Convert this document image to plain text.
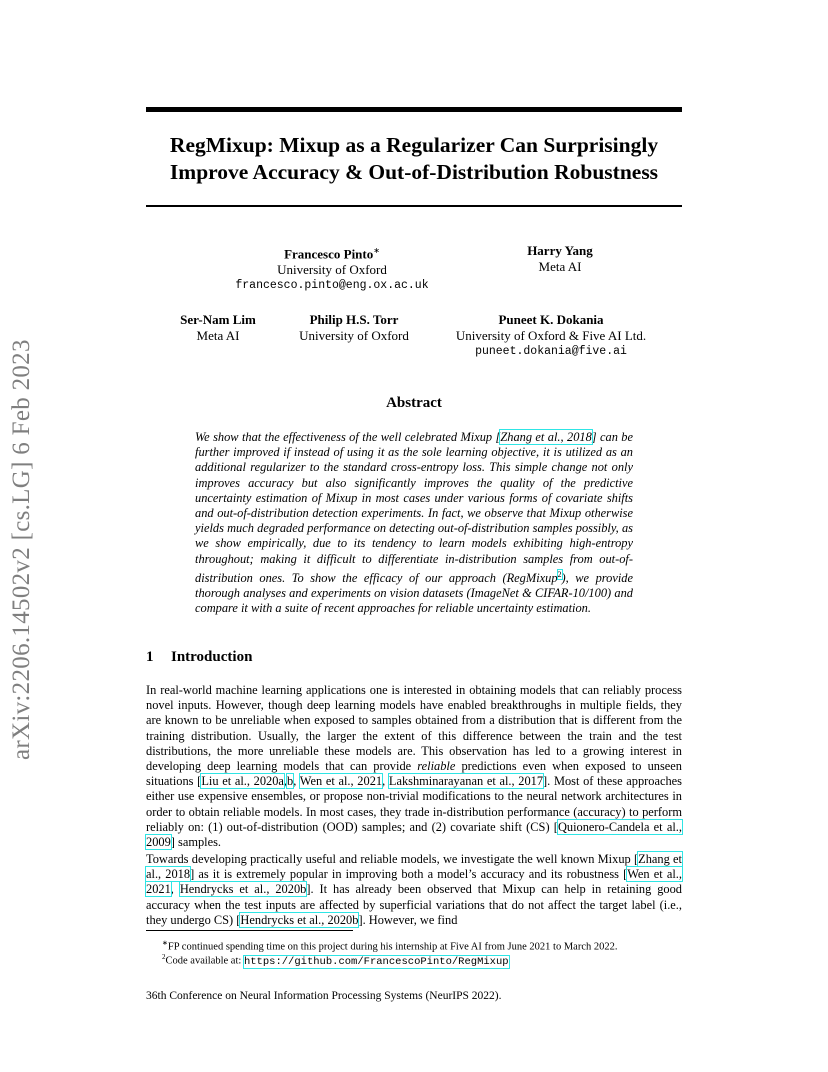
arXiv:2206.14502v2 [cs.LG] 6 Feb 2023
RegMixup: Mixup as a Regularizer Can Surprisingly
Improve Accuracy & Out-of-Distribution Robustness
Francesco Pinto∗
University of Oxford
francesco.pinto@eng.ox.ac.uk
Harry Yang
Meta AI
Ser-Nam Lim
Meta AI
Philip H.S. Torr
University of Oxford
Puneet K. Dokania
University of Oxford & Five AI Ltd.
puneet.dokania@five.ai
Abstract
We show that the effectiveness of the well celebrated Mixup [Zhang et al., 2018] can be further improved if instead of using it as the sole learning objective, it is utilized as an additional regularizer to the standard cross-entropy loss. This simple change not only improves accuracy but also significantly improves the quality of the predictive uncertainty estimation of Mixup in most cases under various forms of covariate shifts and out-of-distribution detection experiments. In fact, we observe that Mixup otherwise yields much degraded performance on detecting out-of-distribution samples possibly, as we show empirically, due to its tendency to learn models exhibiting high-entropy throughout; making it difficult to differentiate in-distribution samples from out-of-distribution ones. To show the efficacy of our approach (RegMixup$^2$), we provide thorough analyses and experiments on vision datasets (ImageNet & CIFAR-10/100) and compare it with a suite of recent approaches for reliable uncertainty estimation.
1 Introduction
In real-world machine learning applications one is interested in obtaining models that can reliably process novel inputs. However, though deep learning models have enabled breakthroughs in multiple fields, they are known to be unreliable when exposed to samples obtained from a distribution that is different from the training distribution. Usually, the larger the extent of this difference between the train and the test distributions, the more unreliable these models are. This observation has led to a growing interest in developing deep learning models that can provide reliable predictions even when exposed to unseen situations [Liu et al., 2020a,b, Wen et al., 2021, Lakshminarayanan et al., 2017]. Most of these approaches either use expensive ensembles, or propose non-trivial modifications to the neural network architectures in order to obtain reliable models. In most cases, they trade in-distribution performance (accuracy) to perform reliably on: (1) out-of-distribution (OOD) samples; and (2) covariate shift (CS) [Quionero-Candela et al., 2009] samples.
Towards developing practically useful and reliable models, we investigate the well known Mixup [Zhang et al., 2018] as it is extremely popular in improving both a model’s accuracy and its robustness [Wen et al., 2021, Hendrycks et al., 2020b]. It has already been observed that Mixup can help in retaining good accuracy when the test inputs are affected by superficial variations that do not affect the target label (i.e., they undergo CS) [Hendrycks et al., 2020b]. However, we find
∗FP continued spending time on this project during his internship at Five AI from June 2021 to March 2022.
$^2$Code available at: https://github.com/FrancescoPinto/RegMixup
36th Conference on Neural Information Processing Systems (NeurIPS 2022).
